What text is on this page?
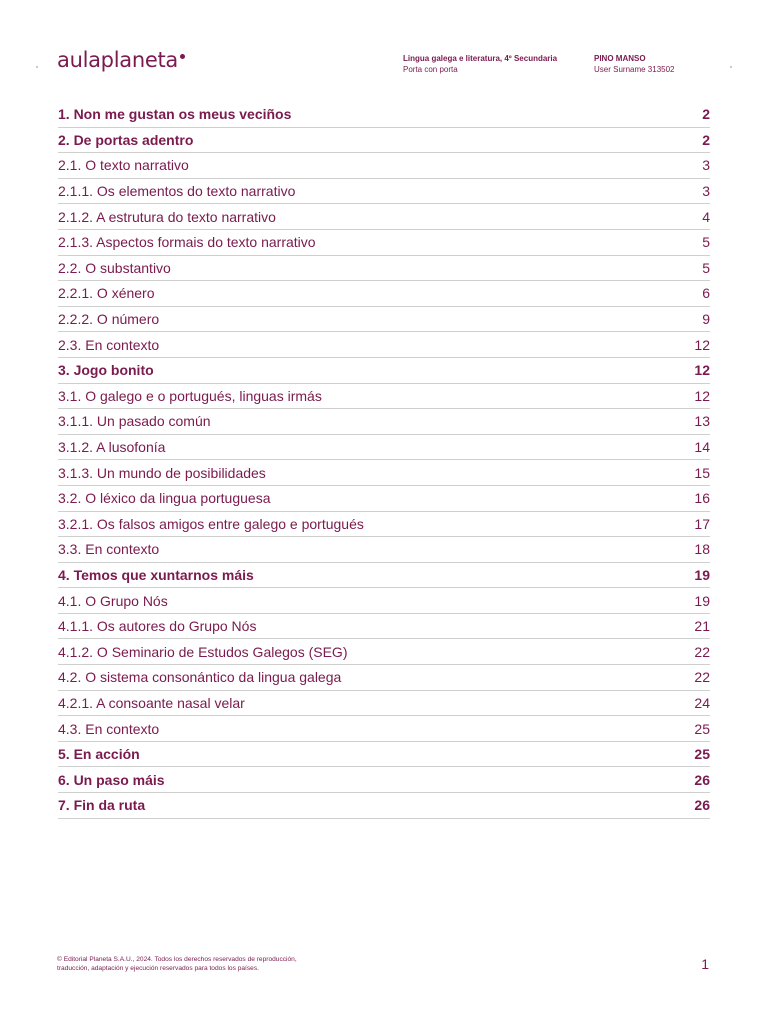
aulaplaneta	Lingua galega e literatura, 4º Secundaria
Porta con porta
PINO MANSO
User Surname 313502
1. Non me gustan os meus veciños	2
2. De portas adentro	2
2.1. O texto narrativo	3
2.1.1. Os elementos do texto narrativo	3
2.1.2. A estrutura do texto narrativo	4
2.1.3. Aspectos formais do texto narrativo	5
2.2. O substantivo	5
2.2.1. O xénero	6
2.2.2. O número	9
2.3. En contexto	12
3. Jogo bonito	12
3.1. O galego e o portugués, linguas irmás	12
3.1.1. Un pasado común	13
3.1.2. A lusofonía	14
3.1.3. Un mundo de posibilidades	15
3.2. O léxico da lingua portuguesa	16
3.2.1. Os falsos amigos entre galego e portugués	17
3.3. En contexto	18
4. Temos que xuntarnos máis	19
4.1. O Grupo Nós	19
4.1.1. Os autores do Grupo Nós	21
4.1.2. O Seminario de Estudos Galegos (SEG)	22
4.2. O sistema consonántico da lingua galega	22
4.2.1. A consoante nasal velar	24
4.3. En contexto	25
5. En acción	25
6. Un paso máis	26
7. Fin da ruta	26
© Editorial Planeta S.A.U., 2024. Todos los derechos reservados de reproducción,
traducción, adaptación y ejecución reservados para todos los países.	1
